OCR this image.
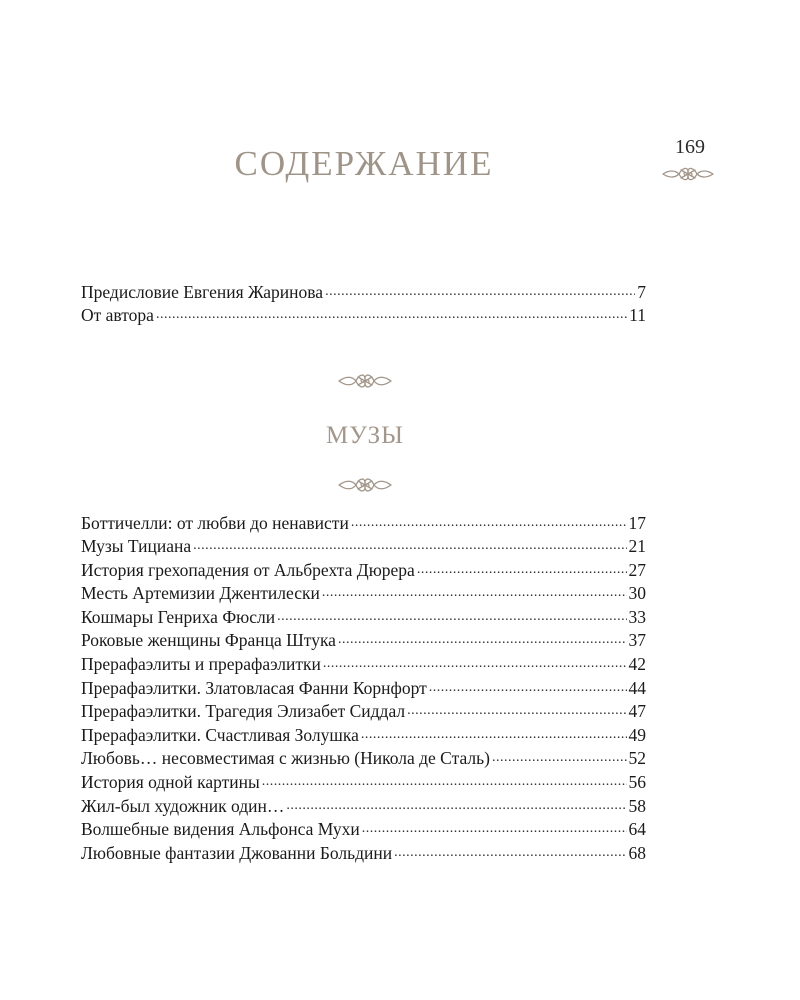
169
СОДЕРЖАНИЕ
Предисловие Евгения Жаринова .....	7
От автора .....	11
МУЗЫ
Боттичелли: от любви до ненависти .....	17
Музы Тициана .....	21
История грехопадения от Альбрехта Дюрера .....	27
Месть Артемизии Джентилески .....	30
Кошмары Генриха Фюсли .....	33
Роковые женщины Франца Штука .....	37
Прерафаэлиты и прерафаэлитки .....	42
Прерафаэлитки. Златовласая Фанни Корнфорт .....	44
Прерафаэлитки. Трагедия Элизабет Сиддал .....	47
Прерафаэлитки. Счастливая Золушка .....	49
Любовь… несовместимая с жизнью (Никола де Сталь) .....	52
История одной картины .....	56
Жил-был художник один… .....	58
Волшебные видения Альфонса Мухи .....	64
Любовные фантазии Джованни Больдини .....	68
